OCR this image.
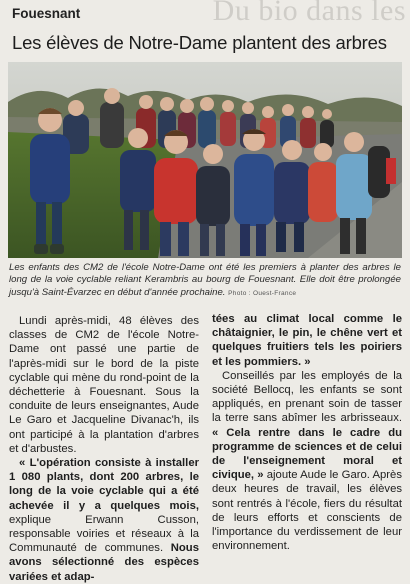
Du bio dans les
Fouesnant
Les élèves de Notre-Dame plantent des arbres
Les enfants des CM2 de l'école Notre-Dame ont été les premiers à planter des arbres le long de la voie cyclable reliant Kerambris au bourg de Fouesnant. Elle doit être prolongée jusqu'à Saint-Évarzec en début d'année prochaine. Photo : Ouest-France

Lundi après-midi, 48 élèves des classes de CM2 de l'école Notre-Dame ont passé une partie de l'après-midi sur le bord de la piste cyclable qui mène du rond-point de la déchetterie à Fouesnant. Sous la conduite de leurs enseignantes, Aude Le Garo et Jacqueline Divanac'h, ils ont participé à la plantation d'arbres et d'arbustes.

« L'opération consiste à installer 1 080 plants, dont 200 arbres, le long de la voie cyclable qui a été achevée il y a quelques mois, explique Erwann Cusson, responsable voiries et réseaux à la Communauté de communes. Nous avons sélectionné des espèces variées et adap-

tées au climat local comme le châtaignier, le pin, le chêne vert et quelques fruitiers tels les poiriers et les pommiers. »

Conseillés par les employés de la société Bellocq, les enfants se sont appliqués, en prenant soin de tasser la terre sans abîmer les arbrisseaux. « Cela rentre dans le cadre du programme de sciences et de celui de l'enseignement moral et civique, » ajoute Aude le Garo. Après deux heures de travail, les élèves sont rentrés à l'école, fiers du résultat de leurs efforts et conscients de l'importance du verdissement de leur environnement.
